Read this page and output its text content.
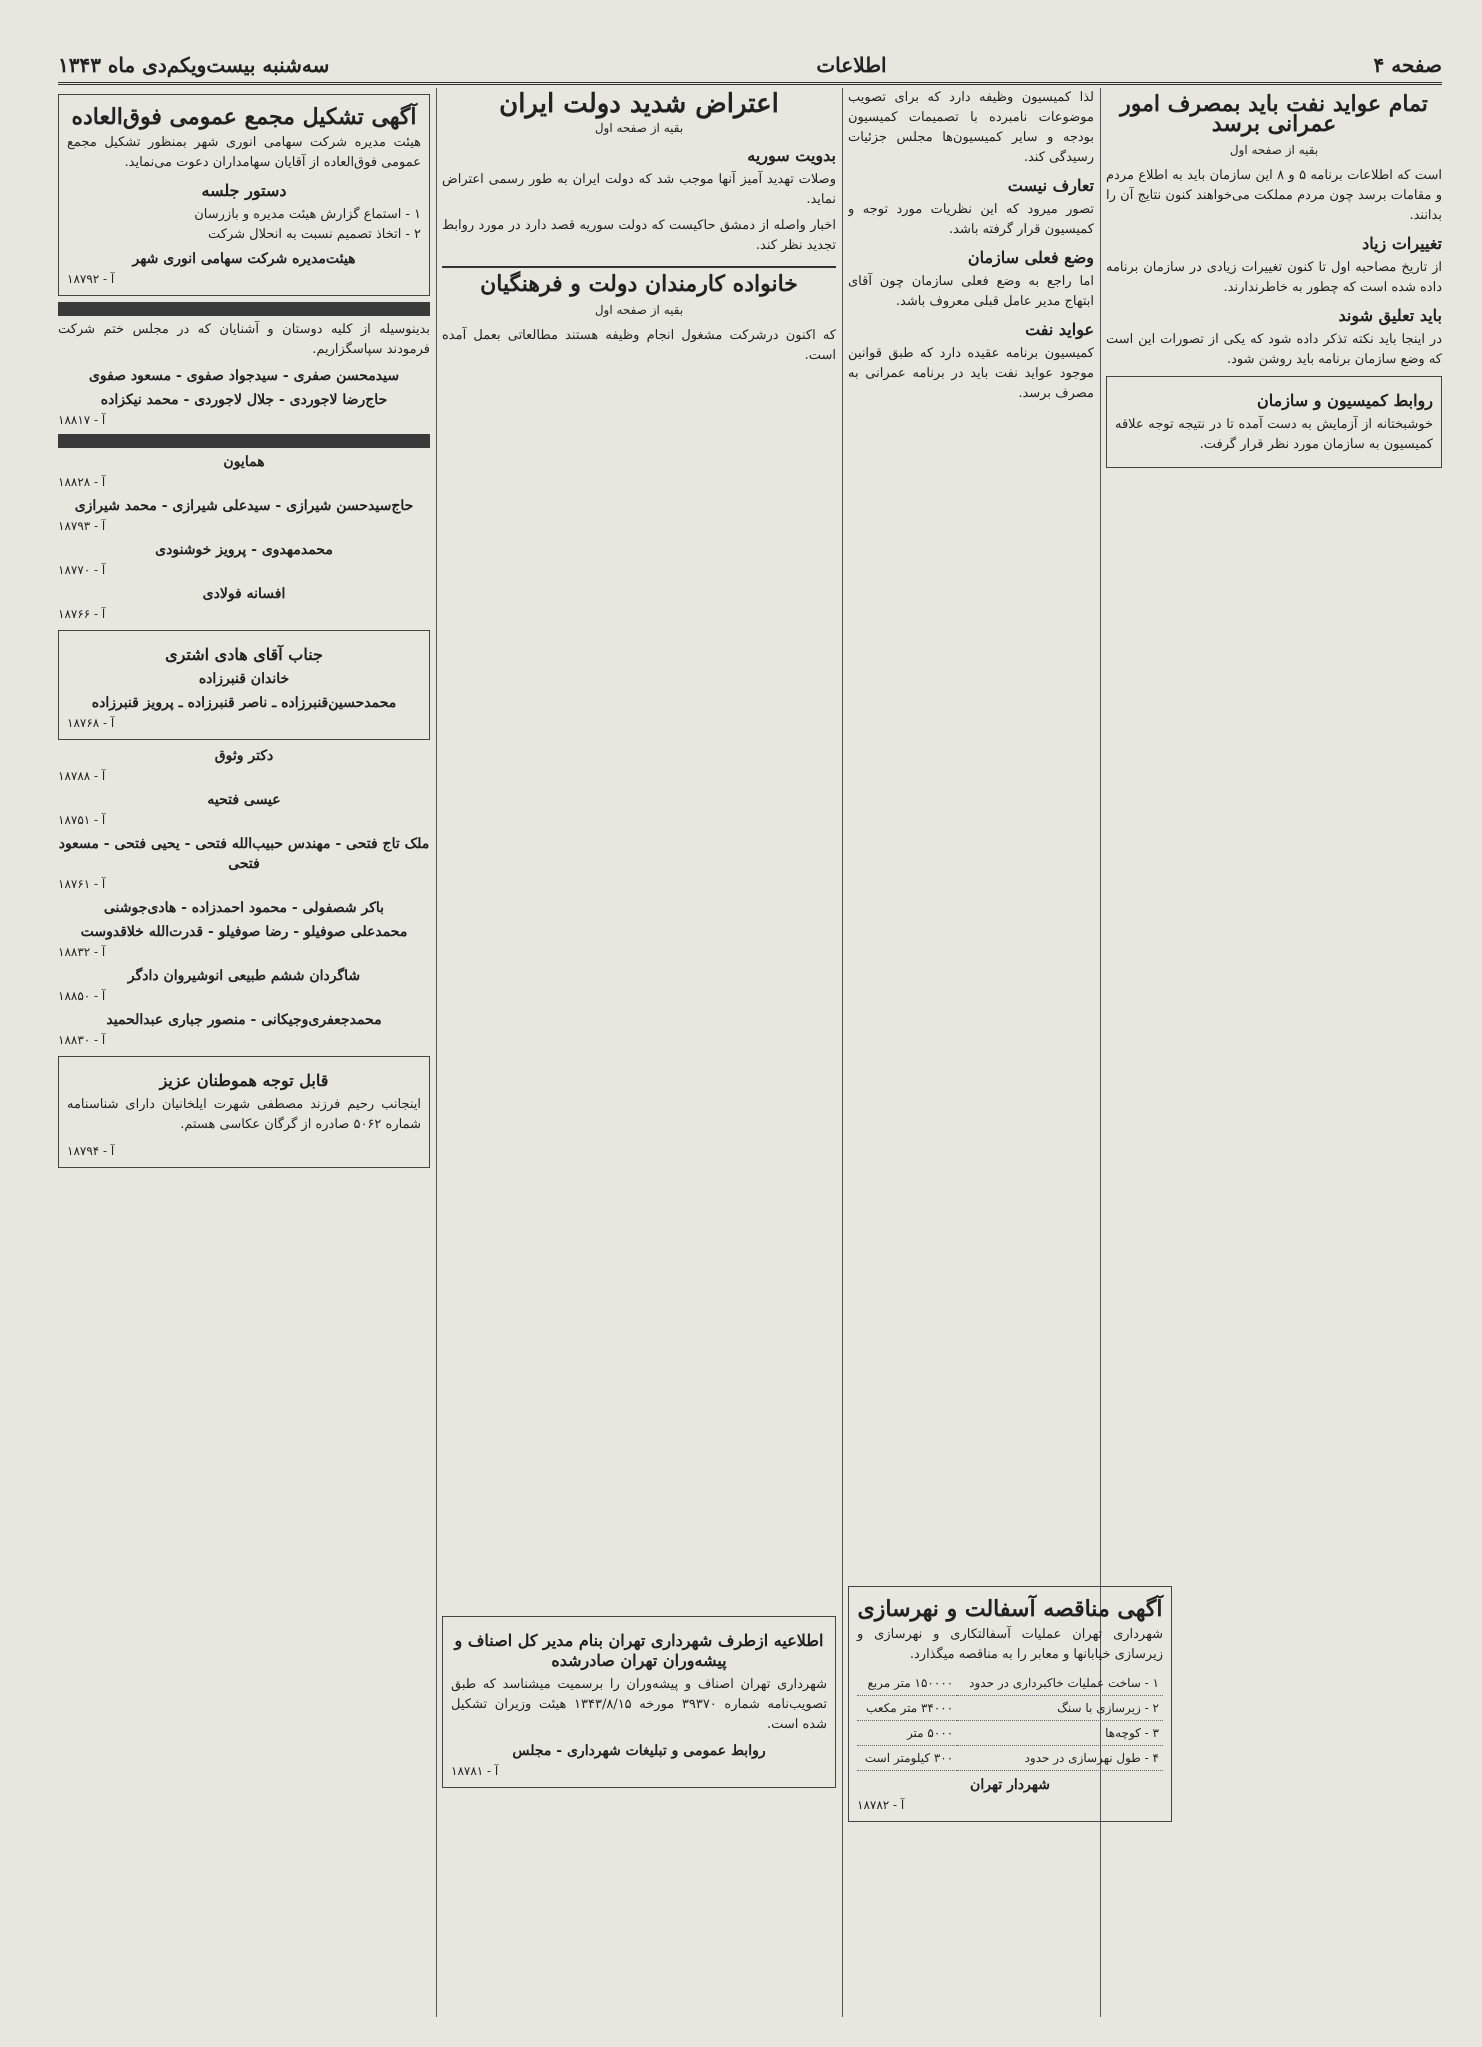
صفحه ۴
اطلاعات
سه‌شنبه بیست‌ویکم‌دی ماه ۱۳۴۳
تمام عواید نفت باید بمصرف امور عمرانی برسد
بقیه از صفحه اول

است که اطلاعات برنامه ۵ و ۸ این سازمان باید به اطلاع مردم و مقامات برسد چون مردم مملکت می‌خواهند کنون نتایج آن را بدانند.

تغییرات زیاد

از تاریخ مصاحبه اول تا کنون تغییرات زیادی در سازمان برنامه داده شده است که چطور به خاطرندارند.

باید تعلیق شوند

در اینجا باید نکته تذکر داده شود که یکی از تصورات این است که وضع سازمان برنامه باید روشن شود.

روابط کمیسیون و سازمان

خوشبختانه از آزمایش به دست آمده تا در نتیجه توجه علاقه کمیسیون به سازمان مورد نظر قرار گرفت.

لذا کمیسیون وظیفه دارد که برای تصویب موضوعات نامبرده با تصمیمات کمیسیون بودجه و سایر کمیسیون‌ها مجلس جزئیات رسیدگی کند.

تعارف نیست

تصور میرود که این نظریات مورد توجه و کمیسیون قرار گرفته باشد.

وضع فعلی سازمان

اما راجع به وضع فعلی سازمان چون آقای ابتهاج مدیر عامل قبلی معروف باشد.

عواید نفت

کمیسیون برنامه عقیده دارد که طبق قوانین موجود عواید نفت باید در برنامه عمرانی به مصرف برسد.

آگهی مناقصه آسفالت و نهرسازی

شهرداری تهران عملیات آسفالتکاری و نهرسازی و زیرسازی خیابانها و معابر را به مناقصه میگذارد.

۱ - ساخت عملیات خاکبرداری در حدود	۱۵۰۰۰۰ متر مربع
۲ - زیرسازی با سنگ	۳۴۰۰۰ متر مکعب
۳ - کوچه‌ها	۵۰۰۰ متر
۴ - طول نهرسازی در حدود	۳۰۰ کیلومتر است
شهردار تهران
آ - ۱۸۷۸۲
اعتراض شدید دولت ایران
بقیه از صفحه اول
بدویت سوریه

وصلات تهدید آمیز آنها موجب شد که دولت ایران به طور رسمی اعتراض نماید.

اخبار واصله از دمشق حاکیست که دولت سوریه قصد دارد در مورد روابط تجدید نظر کند.

خانواده کارمندان دولت و فرهنگیان
بقیه از صفحه اول

که اکنون درشرکت مشغول انجام وظیفه هستند مطالعاتی بعمل آمده است.

اطلاعیه ازطرف شهرداری تهران بنام مدیر کل اصناف و پیشه‌وران تهران صادرشده

شهرداری تهران اصناف و پیشه‌وران را برسمیت میشناسد که طبق تصویب‌نامه شماره ۳۹۳۷۰ مورخه ۱۳۴۳/۸/۱۵ هیئت وزیران تشکیل شده است.

روابط عمومی و تبلیغات شهرداری - مجلس
آ - ۱۸۷۸۱
آگهی تشکیل مجمع عمومی فوق‌العاده

هیئت مدیره شرکت سهامی انوری شهر بمنظور تشکیل مجمع عمومی فوق‌العاده از آقایان سهامداران دعوت می‌نماید.

دستور جلسه
۱ - استماع گزارش هیئت مدیره و بازرسان
۲ - اتخاذ تصمیم نسبت به انحلال شرکت
هیئت‌مدیره شرکت سهامی انوری شهر
آ - ۱۸۷۹۲

بدینوسیله از کلیه دوستان و آشنایان که در مجلس ختم شرکت فرمودند سپاسگزاریم.

سیدمحسن صفری - سیدجواد صفوی - مسعود صفوی
حاج‌رضا لاجوردی - جلال لاجوردی - محمد نیکزاده
آ - ۱۸۸۱۷
همایون
آ - ۱۸۸۲۸
حاج‌سید‌حسن شیرازی - سیدعلی شیرازی - محمد شیرازی
آ - ۱۸۷۹۳
محمد‌مهدوی - پرویز خوشنودی
آ - ۱۸۷۷۰
افسانه فولادی
آ - ۱۸۷۶۶
جناب آقای هادی اشتری
خاندان قنبرزاده
محمد‌حسین‌قنبرزاده ـ ناصر قنبرزاده ـ پرویز قنبرزاده
آ - ۱۸۷۶۸
دکتر وثوق
آ - ۱۸۷۸۸
عیسی فتحیه
آ - ۱۸۷۵۱
ملک تاج فتحی - مهندس حبیب‌الله فتحی - یحیی فتحی - مسعود فتحی
آ - ۱۸۷۶۱
باکر شصفولی - محمود احمدزاده - هادی‌جوشنی
محمدعلی صوفیلو - رضا صوفیلو - قدرت‌الله خلاقدوست
آ - ۱۸۸۳۲
شاگردان ششم طبیعی انوشیروان دادگر
آ - ۱۸۸۵۰
محمدجعفری‌وجیکانی - منصور جباری عبدالحمید
آ - ۱۸۸۳۰
قابل توجه هموطنان عزیز

اینجانب رحیم فرزند مصطفی شهرت ایلخانیان دارای شناسنامه شماره ۵۰۶۲ صادره از گرگان عکاسی هستم.

آ - ۱۸۷۹۴
